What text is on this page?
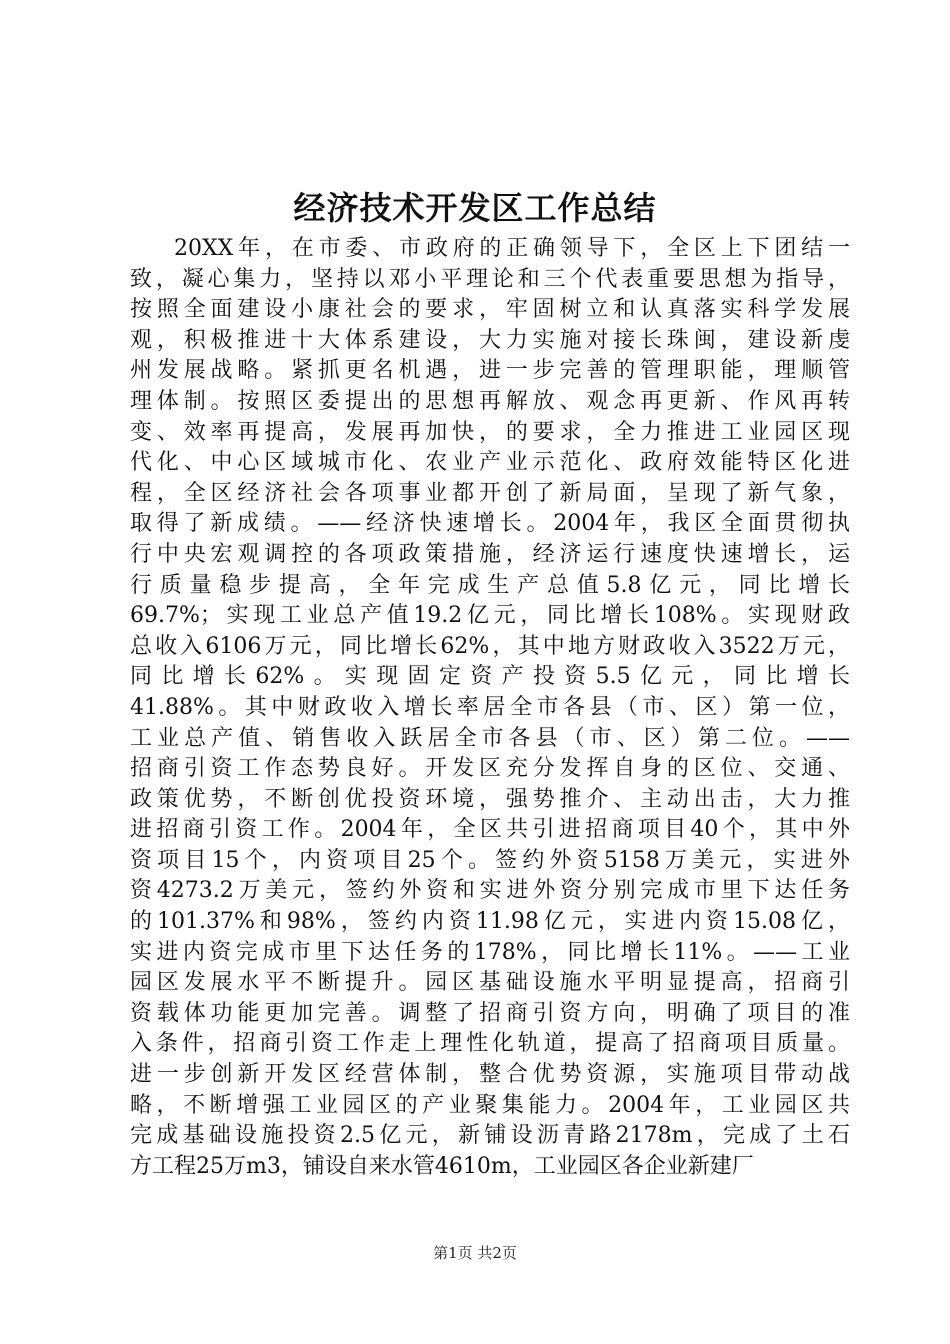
经济技术开发区工作总结
20XX年，在市委、市政府的正确领导下，全区上下团结一
致，凝心集力，坚持以邓小平理论和三个代表重要思想为指导，
按照全面建设小康社会的要求，牢固树立和认真落实科学发展
观，积极推进十大体系建设，大力实施对接长珠闽，建设新虔
州发展战略。紧抓更名机遇，进一步完善的管理职能，理顺管
理体制。按照区委提出的思想再解放、观念再更新、作风再转
变、效率再提高，发展再加快，的要求，全力推进工业园区现
代化、中心区域城市化、农业产业示范化、政府效能特区化进
程，全区经济社会各项事业都开创了新局面，呈现了新气象，
取得了新成绩。——经济快速增长。2004年，我区全面贯彻执
行中央宏观调控的各项政策措施，经济运行速度快速增长，运
行质量稳步提高，全年完成生产总值5.8亿元，同比增长
69.7%；实现工业总产值19.2亿元，同比增长108%。实现财政
总收入6106万元，同比增长62%，其中地方财政收入3522万元，
同比增长62%。实现固定资产投资5.5亿元，同比增长
41.88%。其中财政收入增长率居全市各县（市、区）第一位，
工业总产值、销售收入跃居全市各县（市、区）第二位。——
招商引资工作态势良好。开发区充分发挥自身的区位、交通、
政策优势，不断创优投资环境，强势推介、主动出击，大力推
进招商引资工作。2004年，全区共引进招商项目40个，其中外
资项目15个，内资项目25个。签约外资5158万美元，实进外
资4273.2万美元，签约外资和实进外资分别完成市里下达任务
的101.37%和98%，签约内资11.98亿元，实进内资15.08亿，
实进内资完成市里下达任务的178%，同比增长11%。——工业
园区发展水平不断提升。园区基础设施水平明显提高，招商引
资载体功能更加完善。调整了招商引资方向，明确了项目的准
入条件，招商引资工作走上理性化轨道，提高了招商项目质量。
进一步创新开发区经营体制，整合优势资源，实施项目带动战
略，不断增强工业园区的产业聚集能力。2004年，工业园区共
完成基础设施投资2.5亿元，新铺设沥青路2178m，完成了土石
方工程25万m3，铺设自来水管4610m，工业园区各企业新建厂
第1页 共2页
